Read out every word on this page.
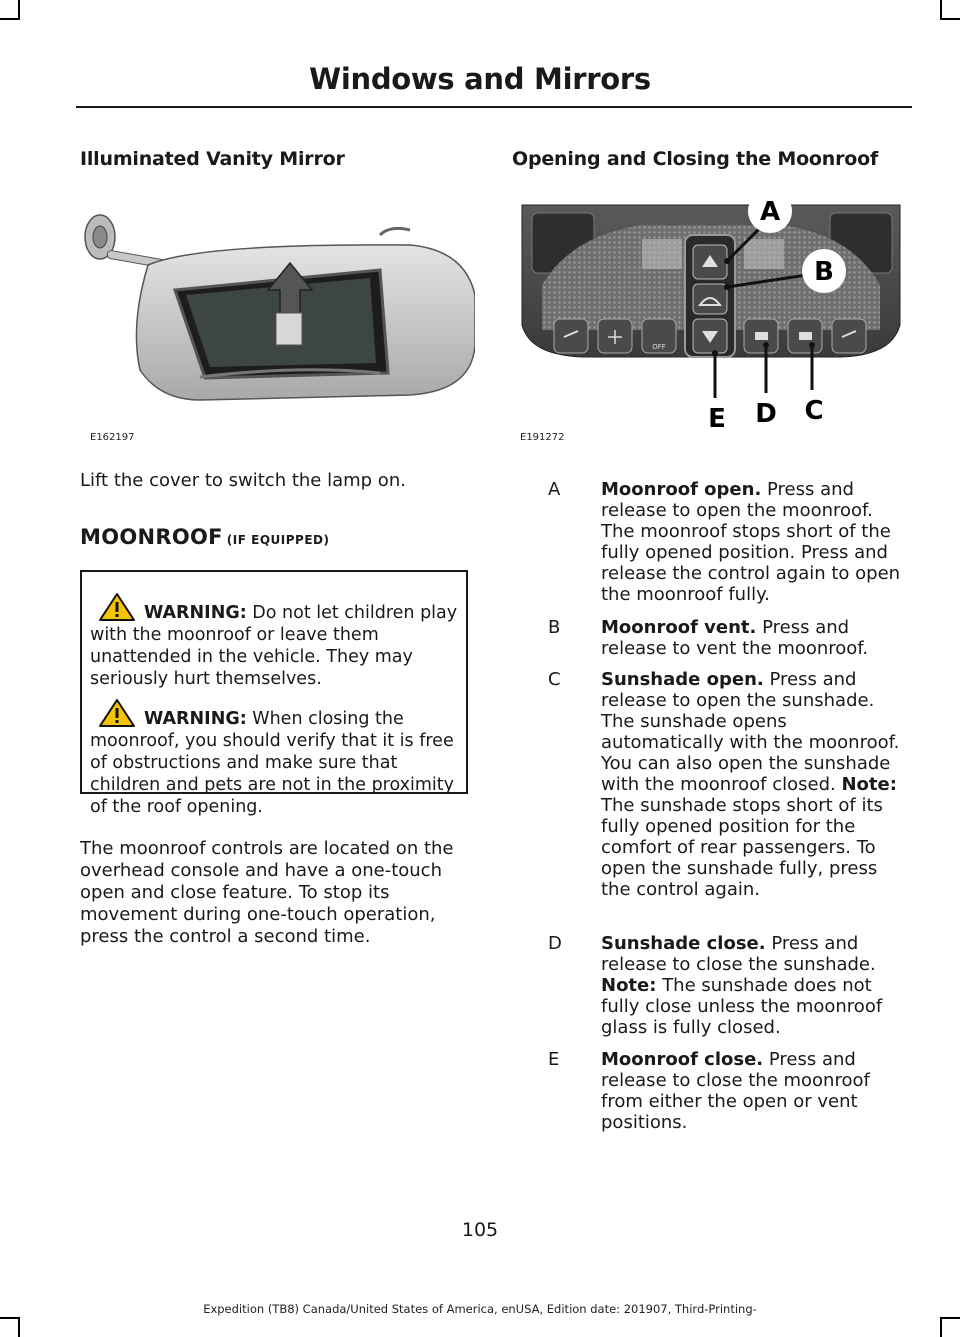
Windows and Mirrors
Illuminated Vanity Mirror
E162197
Lift the cover to switch the lamp on.
MOONROOF (IF EQUIPPED)
WARNING: Do not let children play with the moonroof or leave them unattended in the vehicle. They may seriously hurt themselves.
WARNING: When closing the moonroof, you should verify that it is free of obstructions and make sure that children and pets are not in the proximity of the roof opening.
The moonroof controls are located on the overhead console and have a one-touch open and close feature. To stop its movement during one-touch operation, press the control a second time.
Opening and Closing the Moonroof
OFF
A
B
C
D
E
E191272
A	Moonroof open. Press and release to open the moonroof. The moonroof stops short of the fully opened position. Press and release the control again to open the moonroof fully.
B	Moonroof vent. Press and release to vent the moonroof.
C	Sunshade open. Press and release to open the sunshade. The sunshade opens automatically with the moonroof. You can also open the sunshade with the moonroof closed. Note: The sunshade stops short of its fully opened position for the comfort of rear passengers. To open the sunshade fully, press the control again.
D	Sunshade close. Press and release to close the sunshade. Note: The sunshade does not fully close unless the moonroof glass is fully closed.
E	Moonroof close. Press and release to close the moonroof from either the open or vent positions.
105
Expedition (TB8) Canada/United States of America, enUSA, Edition date: 201907, Third-Printing-
